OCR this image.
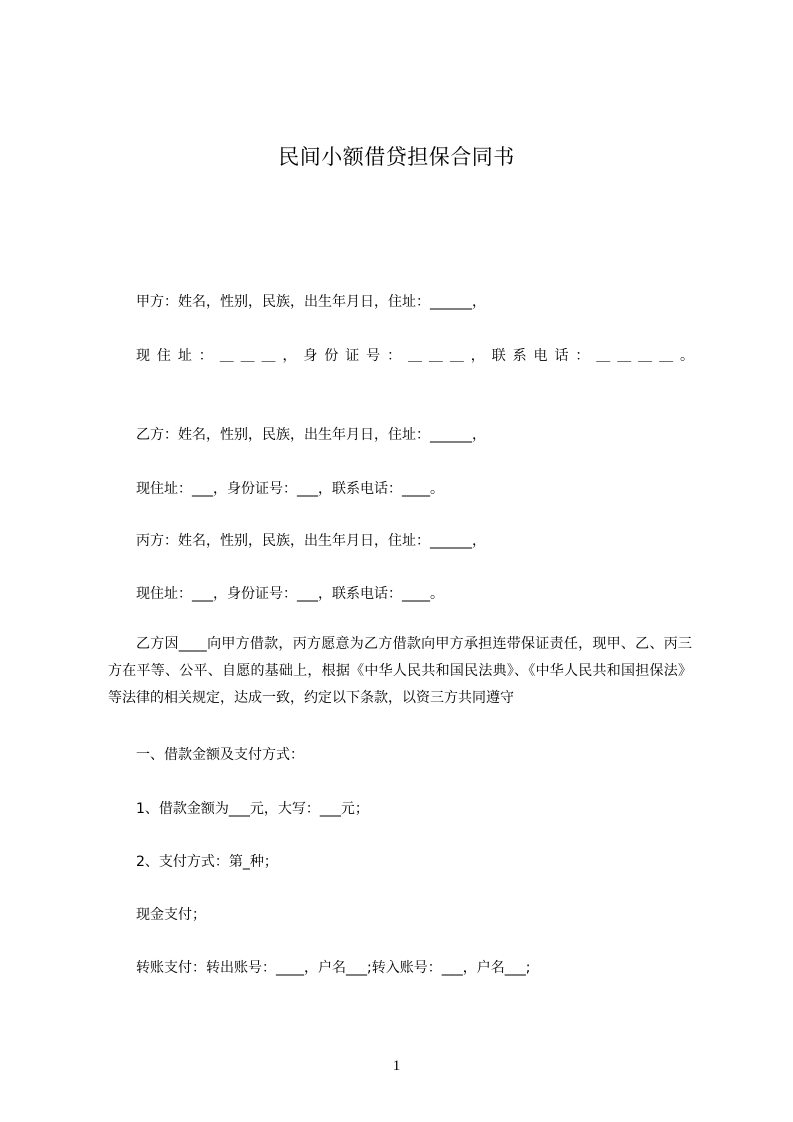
民间小额借贷担保合同书
甲方：姓名，性别，民族，出生年月日，住址：______，
现住址：＿＿＿，身份证号：＿＿＿，联系电话：＿＿＿＿。
乙方：姓名，性别，民族，出生年月日，住址：______，
现住址：___，身份证号：___，联系电话：____。
丙方：姓名，性别，民族，出生年月日，住址：______，
现住址：___，身份证号：___，联系电话：____。
乙方因____向甲方借款，丙方愿意为乙方借款向甲方承担连带保证责任，现甲、乙、丙三方在平等、公平、自愿的基础上，根据《中华人民共和国民法典》、《中华人民共和国担保法》等法律的相关规定，达成一致，约定以下条款，以资三方共同遵守
一、借款金额及支付方式：
1、借款金额为___元，大写：___元；
2、支付方式：第_种；
现金支付；
转账支付：转出账号：____，户名___;转入账号：___，户名___;
1
